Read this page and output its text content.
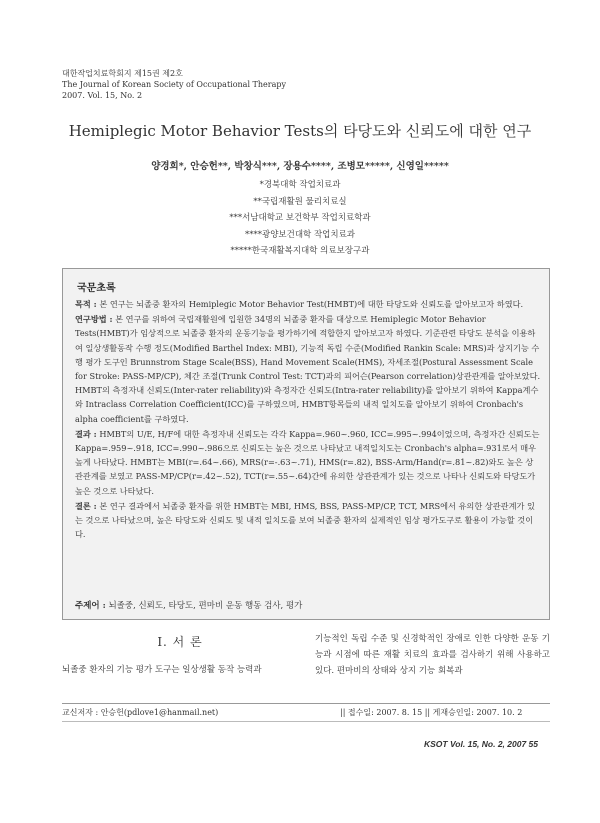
대한작업치료학회지 제15권 제2호
The Journal of Korean Society of Occupational Therapy
2007. Vol. 15, No. 2
Hemiplegic Motor Behavior Tests의 타당도와 신뢰도에 대한 연구
양경희*, 안승헌**, 박창식***, 장용수****, 조병모*****, 신영일*****
*경북대학 작업치료과
**국립재활원 물리치료실
***서남대학교 보건학부 작업치료학과
****광양보건대학 작업치료과
*****한국재활복지대학 의료보장구과
국문초록

목적 : 본 연구는 뇌졸중 환자의 Hemiplegic Motor Behavior Test(HMBT)에 대한 타당도와 신뢰도를 알아보고자 하였다.

연구방법 : 본 연구를 위하여 국립재활원에 입원한 34명의 뇌졸중 환자를 대상으로 Hemiplegic Motor Behavior Tests(HMBT)가 임상적으로 뇌졸중 환자의 운동기능을 평가하기에 적합한지 알아보고자 하였다. 기준관련 타당도 분석을 이용하여 일상생활동작 수행 정도(Modified Barthel Index: MBI), 기능적 독립 수준(Modified Rankin Scale: MRS)과 상지기능 수행 평가 도구인 Brunnstrom Stage Scale(BSS), Hand Movement Scale(HMS), 자세조절(Postural Assessment Scale for Stroke: PASS-MP/CP), 체간 조절(Trunk Control Test: TCT)과의 피어슨(Pearson correlation)상관관계를 알아보았다. HMBT의 측정자내 신뢰도(Inter-rater reliability)와 측정자간 신뢰도(Intra-rater reliability)를 알아보기 위하여 Kappa계수와 Intraclass Correlation Coefficient(ICC)를 구하였으며, HMBT항목들의 내적 일치도를 알아보기 위하여 Cronbach's alpha coefficient를 구하였다.

결과 : HMBT의 U/E, H/F에 대한 측정자내 신뢰도는 각각 Kappa=.960~.960, ICC=.995~.994이었으며, 측정자간 신뢰도는 Kappa=.959~.918, ICC=.990~.986으로 신뢰도는 높은 것으로 나타났고 내적일치도는 Cronbach's alpha=.931로서 매우 높게 나타났다. HMBT는 MBI(r=.64~.66), MRS(r=-.63~.71), HMS(r=.82), BSS-Arm/Hand(r=.81~.82)와도 높은 상관관계를 보였고 PASS-MP/CP(r=.42~.52), TCT(r=.55~.64)간에 유의한 상관관계가 있는 것으로 나타나 신뢰도와 타당도가 높은 것으로 나타났다.

결론 : 본 연구 결과에서 뇌졸중 환자를 위한 HMBT는 MBI, HMS, BSS, PASS-MP/CP, TCT, MRS에서 유의한 상관관계가 있는 것으로 나타났으며, 높은 타당도와 신뢰도 및 내적 일치도를 보여 뇌졸중 환자의 실제적인 임상 평가도구로 활용이 가능할 것이다.

주제어 : 뇌졸중, 신뢰도, 타당도, 편마비 운동 행동 검사, 평가
I. 서 론
뇌졸중 환자의 기능 평가 도구는 일상생활 동작 능력과
기능적인 독립 수준 및 신경학적인 장애로 인한 다양한 운동 기능과 시점에 따른 재활 치료의 효과를 검사하기 위해 사용하고 있다. 편마비의 상태와 상지 기능 회복과
교신저자 : 안승헌(pdlove1@hanmail.net)	|| 접수일: 2007. 8. 15 || 게재승인일: 2007. 10. 2
KSOT Vol. 15, No. 2, 2007 55
